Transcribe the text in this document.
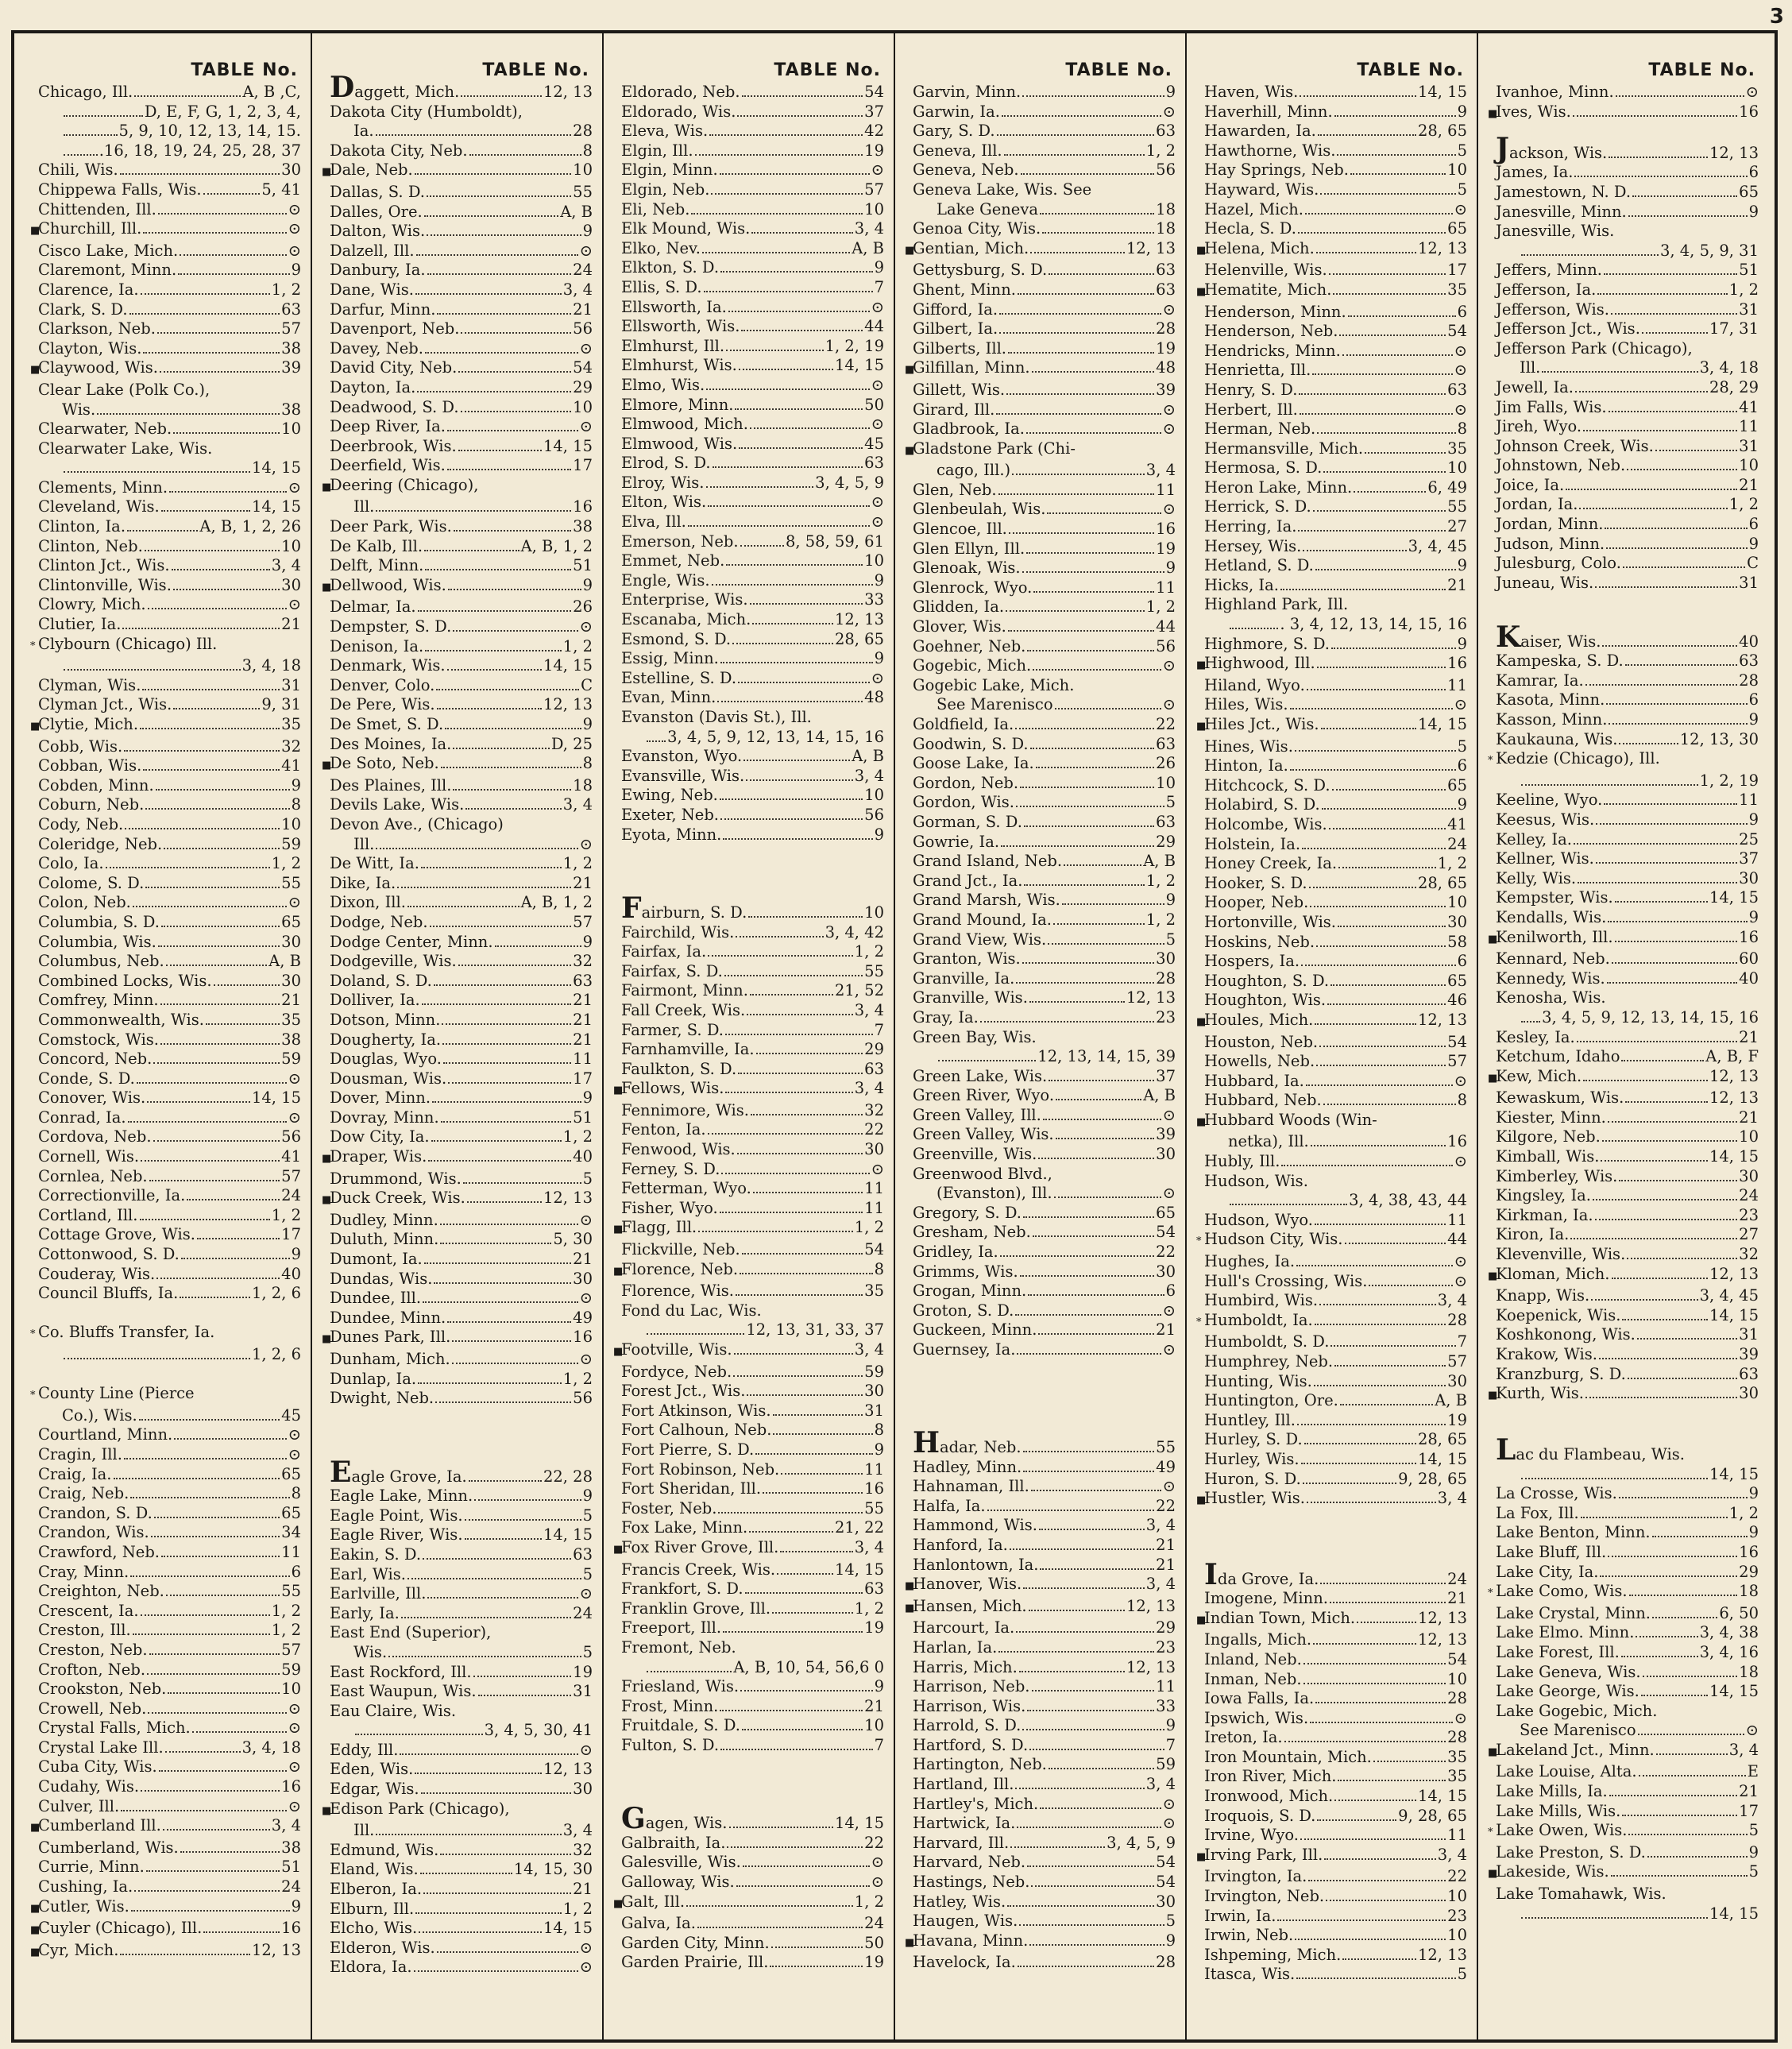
3
TABLE No.
Chicago, Ill.	A, B ,C,
D, E, F, G, 1, 2, 3, 4,
5, 9, 10, 12, 13, 14, 15.
.16, 18, 19, 24, 25, 28, 37
Chili, Wis.	30
Chippewa Falls, Wis.	5, 41
Chittenden, Ill.	⊙
■
Churchill, Ill.	⊙
Cisco Lake, Mich.	⊙
Claremont, Minn.	9
Clarence, Ia.	1, 2
Clark, S. D.	63
Clarkson, Neb.	57
Clayton, Wis.	38
■
Claywood, Wis.	39
Clear Lake (Polk Co.),
Wis.	38
Clearwater, Neb.	10
Clearwater Lake, Wis.
14, 15
Clements, Minn.	⊙
Cleveland, Wis.	14, 15
Clinton, Ia.	A, B, 1, 2, 26
Clinton, Neb.	10
Clinton Jct., Wis.	3, 4
Clintonville, Wis.	30
Clowry, Mich.	⊙
Clutier, Ia.	21
* Clybourn (Chicago) Ill.
3, 4, 18
Clyman, Wis.	31
Clyman Jct., Wis.	9, 31
■
Clytie, Mich.	35
Cobb, Wis.	32
Cobban, Wis.	41
Cobden, Minn.	9
Coburn, Neb.	8
Cody, Neb.	10
Coleridge, Neb.	59
Colo, Ia.	1, 2
Colome, S. D.	55
Colon, Neb.	⊙
Columbia, S. D.	65
Columbia, Wis.	30
Columbus, Neb.	A, B
Combined Locks, Wis.	30
Comfrey, Minn.	21
Commonwealth, Wis.	35
Comstock, Wis.	38
Concord, Neb.	59
Conde, S. D.	⊙
Conover, Wis.	14, 15
Conrad, Ia.	⊙
Cordova, Neb.	56
Cornell, Wis.	41
Cornlea, Neb.	57
Correctionville, Ia.	24
Cortland, Ill.	1, 2
Cottage Grove, Wis.	17
Cottonwood, S. D.	9
Couderay, Wis.	40
Council Bluffs, Ia.	1, 2, 6
* Co. Bluffs Transfer, Ia.
1, 2, 6
* County Line (Pierce
Co.), Wis.	45
Courtland, Minn.	⊙
Cragin, Ill.	⊙
Craig, Ia.	65
Craig, Neb.	8
Crandon, S. D.	65
Crandon, Wis.	34
Crawford, Neb.	11
Cray, Minn.	6
Creighton, Neb.	55
Crescent, Ia.	1, 2
Creston, Ill.	1, 2
Creston, Neb.	57
Crofton, Neb.	59
Crookston, Neb.	10
Crowell, Neb.	⊙
Crystal Falls, Mich.	⊙
Crystal Lake Ill.	3, 4, 18
Cuba City, Wis.	⊙
Cudahy, Wis.	16
Culver, Ill.	⊙
■
Cumberland Ill.	3, 4
Cumberland, Wis.	38
Currie, Minn.	51
Cushing, Ia.	24
■
Cutler, Wis.	9
■
Cuyler (Chicago), Ill.	16
■
Cyr, Mich.	12, 13
TABLE No.
Daggett, Mich.	12, 13
Dakota City (Humboldt),
Ia.	28
Dakota City, Neb.	8
■
Dale, Neb.	10
Dallas, S. D.	55
Dalles, Ore.	A, B
Dalton, Wis.	9
Dalzell, Ill.	⊙
Danbury, Ia.	24
Dane, Wis.	3, 4
Darfur, Minn.	21
Davenport, Neb.	56
Davey, Neb.	⊙
David City, Neb.	54
Dayton, Ia.	29
Deadwood, S. D.	10
Deep River, Ia.	⊙
Deerbrook, Wis.	14, 15
Deerfield, Wis.	17
■
Deering (Chicago),
Ill.	16
Deer Park, Wis.	38
De Kalb, Ill.	A, B, 1, 2
Delft, Minn.	51
■
Dellwood, Wis.	9
Delmar, Ia.	26
Dempster, S. D.	⊙
Denison, Ia.	1, 2
Denmark, Wis.	14, 15
Denver, Colo.	C
De Pere, Wis.	12, 13
De Smet, S. D.	9
Des Moines, Ia.	D, 25
■
De Soto, Neb.	8
Des Plaines, Ill.	18
Devils Lake, Wis.	3, 4
Devon Ave., (Chicago)
Ill.	⊙
De Witt, Ia.	1, 2
Dike, Ia.	21
Dixon, Ill.	A, B, 1, 2
Dodge, Neb.	57
Dodge Center, Minn.	9
Dodgeville, Wis.	32
Doland, S. D.	63
Dolliver, Ia.	21
Dotson, Minn.	21
Dougherty, Ia.	21
Douglas, Wyo.	11
Dousman, Wis.	17
Dover, Minn.	9
Dovray, Minn.	51
Dow City, Ia.	1, 2
■
Draper, Wis.	40
Drummond, Wis.	5
■
Duck Creek, Wis.	12, 13
Dudley, Minn.	⊙
Duluth, Minn.	5, 30
Dumont, Ia.	21
Dundas, Wis.	30
Dundee, Ill.	⊙
Dundee, Minn.	49
■
Dunes Park, Ill.	16
Dunham, Mich.	⊙
Dunlap, Ia.	1, 2
Dwight, Neb.	56
Eagle Grove, Ia.	22, 28
Eagle Lake, Minn.	9
Eagle Point, Wis.	5
Eagle River, Wis.	14, 15
Eakin, S. D.	63
Earl, Wis.	5
Earlville, Ill.	⊙
Early, Ia.	24
East End (Superior),
Wis.	5
East Rockford, Ill.	19
East Waupun, Wis.	31
Eau Claire, Wis.
3, 4, 5, 30, 41
Eddy, Ill.	⊙
Eden, Wis.	12, 13
Edgar, Wis.	30
■
Edison Park (Chicago),
Ill.	3, 4
Edmund, Wis.	32
Eland, Wis.	14, 15, 30
Elberon, Ia.	21
Elburn, Ill.	1, 2
Elcho, Wis.	14, 15
Elderon, Wis.	⊙
Eldora, Ia.	⊙
TABLE No.
Eldorado, Neb.	54
Eldorado, Wis.	37
Eleva, Wis.	42
Elgin, Ill.	19
Elgin, Minn.	⊙
Elgin, Neb.	57
Eli, Neb.	10
Elk Mound, Wis.	3, 4
Elko, Nev.	A, B
Elkton, S. D.	9
Ellis, S. D.	7
Ellsworth, Ia.	⊙
Ellsworth, Wis.	44
Elmhurst, Ill.	1, 2, 19
Elmhurst, Wis.	14, 15
Elmo, Wis.	⊙
Elmore, Minn.	50
Elmwood, Mich.	⊙
Elmwood, Wis.	45
Elrod, S. D.	63
Elroy, Wis.	3, 4, 5, 9
Elton, Wis.	⊙
Elva, Ill.	⊙
Emerson, Neb.	8, 58, 59, 61
Emmet, Neb.	10
Engle, Wis.	9
Enterprise, Wis.	33
Escanaba, Mich.	12, 13
Esmond, S. D.	28, 65
Essig, Minn.	9
Estelline, S. D.	⊙
Evan, Minn.	48
Evanston (Davis St.), Ill.
3, 4, 5, 9, 12, 13, 14, 15, 16
Evanston, Wyo.	A, B
Evansville, Wis.	3, 4
Ewing, Neb.	10
Exeter, Neb.	56
Eyota, Minn.	9
Fairburn, S. D.	10
Fairchild, Wis.	3, 4, 42
Fairfax, Ia.	1, 2
Fairfax, S. D.	55
Fairmont, Minn.	21, 52
Fall Creek, Wis.	3, 4
Farmer, S. D.	7
Farnhamville, Ia.	29
Faulkton, S. D.	63
■
Fellows, Wis.	3, 4
Fennimore, Wis.	32
Fenton, Ia.	22
Fenwood, Wis.	30
Ferney, S. D.	⊙
Fetterman, Wyo.	11
Fisher, Wyo.	11
■
Flagg, Ill.	1, 2
Flickville, Neb.	54
■
Florence, Neb.	8
Florence, Wis.	35
Fond du Lac, Wis.
12, 13, 31, 33, 37
■
Footville, Wis.	3, 4
Fordyce, Neb.	59
Forest Jct., Wis.	30
Fort Atkinson, Wis.	31
Fort Calhoun, Neb.	8
Fort Pierre, S. D.	9
Fort Robinson, Neb.	11
Fort Sheridan, Ill.	16
Foster, Neb.	55
Fox Lake, Minn.	21, 22
■
Fox River Grove, Ill.	3, 4
Francis Creek, Wis.	14, 15
Frankfort, S. D.	63
Franklin Grove, Ill.	1, 2
Freeport, Ill.	19
Fremont, Neb.
A, B, 10, 54, 56,6 0
Friesland, Wis.	9
Frost, Minn.	21
Fruitdale, S. D.	10
Fulton, S. D.	7
Gagen, Wis.	14, 15
Galbraith, Ia.	22
Galesville, Wis.	⊙
Galloway, Wis.	⊙
■
Galt, Ill.	1, 2
Galva, Ia.	24
Garden City, Minn.	50
Garden Prairie, Ill.	19
TABLE No.
Garvin, Minn.	9
Garwin, Ia.	⊙
Gary, S. D.	63
Geneva, Ill.	1, 2
Geneva, Neb.	56
Geneva Lake, Wis. See
Lake Geneva	18
Genoa City, Wis.	18
■
Gentian, Mich.	12, 13
Gettysburg, S. D.	63
Ghent, Minn.	63
Gifford, Ia.	⊙
Gilbert, Ia.	28
Gilberts, Ill.	19
■
Gilfillan, Minn.	48
Gillett, Wis.	39
Girard, Ill.	⊙
Gladbrook, Ia.	⊙
■
Gladstone Park (Chi-
cago, Ill.)	3, 4
Glen, Neb.	11
Glenbeulah, Wis.	⊙
Glencoe, Ill.	16
Glen Ellyn, Ill.	19
Glenoak, Wis.	9
Glenrock, Wyo.	11
Glidden, Ia.	1, 2
Glover, Wis.	44
Goehner, Neb.	56
Gogebic, Mich.	⊙
Gogebic Lake, Mich.
See Marenisco	⊙
Goldfield, Ia.	22
Goodwin, S. D.	63
Goose Lake, Ia.	26
Gordon, Neb.	10
Gordon, Wis.	5
Gorman, S. D.	63
Gowrie, Ia.	29
Grand Island, Neb.	A, B
Grand Jct., Ia.	1, 2
Grand Marsh, Wis.	9
Grand Mound, Ia.	1, 2
Grand View, Wis.	5
Granton, Wis.	30
Granville, Ia.	28
Granville, Wis.	12, 13
Gray, Ia.	23
Green Bay, Wis.
12, 13, 14, 15, 39
Green Lake, Wis.	37
Green River, Wyo.	A, B
Green Valley, Ill.	⊙
Green Valley, Wis.	39
Greenville, Wis.	30
Greenwood Blvd.,
(Evanston), Ill.	⊙
Gregory, S. D.	65
Gresham, Neb.	54
Gridley, Ia.	22
Grimms, Wis.	30
Grogan, Minn.	6
Groton, S. D.	⊙
Guckeen, Minn.	21
Guernsey, Ia.	⊙
Hadar, Neb.	55
Hadley, Minn.	49
Hahnaman, Ill.	⊙
Halfa, Ia.	22
Hammond, Wis.	3, 4
Hanford, Ia.	21
Hanlontown, Ia.	21
■
Hanover, Wis.	3, 4
■
Hansen, Mich.	12, 13
Harcourt, Ia.	29
Harlan, Ia.	23
Harris, Mich.	12, 13
Harrison, Neb.	11
Harrison, Wis.	33
Harrold, S. D.	9
Hartford, S. D.	7
Hartington, Neb.	59
Hartland, Ill.	3, 4
Hartley's, Mich.	⊙
Hartwick, Ia.	⊙
Harvard, Ill.	3, 4, 5, 9
Harvard, Neb.	54
Hastings, Neb.	54
Hatley, Wis.	30
Haugen, Wis.	5
■
Havana, Minn.	9
Havelock, Ia.	28
TABLE No.
Haven, Wis.	14, 15
Haverhill, Minn.	9
Hawarden, Ia.	28, 65
Hawthorne, Wis.	5
Hay Springs, Neb.	10
Hayward, Wis.	5
Hazel, Mich.	⊙
Hecla, S. D.	65
■
Helena, Mich.	12, 13
Helenville, Wis.	17
■
Hematite, Mich.	35
Henderson, Minn.	6
Henderson, Neb.	54
Hendricks, Minn.	⊙
Henrietta, Ill.	⊙
Henry, S. D.	63
Herbert, Ill.	⊙
Herman, Neb.	8
Hermansville, Mich.	35
Hermosa, S. D.	10
Heron Lake, Minn.	6, 49
Herrick, S. D.	55
Herring, Ia.	27
Hersey, Wis.	3, 4, 45
Hetland, S. D.	9
Hicks, Ia.	21
Highland Park, Ill.
. 3, 4, 12, 13, 14, 15, 16
Highmore, S. D.	9
■
Highwood, Ill.	16
Hiland, Wyo.	11
Hiles, Wis.	⊙
■
Hiles Jct., Wis.	14, 15
Hines, Wis.	5
Hinton, Ia.	6
Hitchcock, S. D.	65
Holabird, S. D.	9
Holcombe, Wis.	41
Holstein, Ia.	24
Honey Creek, Ia.	1, 2
Hooker, S. D.	28, 65
Hooper, Neb.	10
Hortonville, Wis.	30
Hoskins, Neb.	58
Hospers, Ia.	6
Houghton, S. D.	65
Houghton, Wis.	46
■
Houles, Mich.	12, 13
Houston, Neb.	54
Howells, Neb.	57
Hubbard, Ia.	⊙
Hubbard, Neb.	8
■
Hubbard Woods (Win-
netka), Ill.	16
Hubly, Ill.	⊙
Hudson, Wis.
3, 4, 38, 43, 44
Hudson, Wyo.	11
* Hudson City, Wis.	44
Hughes, Ia.	⊙
Hull's Crossing, Wis.	⊙
Humbird, Wis.	3, 4
* Humboldt, Ia.	28
Humboldt, S. D.	7
Humphrey, Neb.	57
Hunting, Wis.	30
Huntington, Ore.	A, B
Huntley, Ill.	19
Hurley, S. D.	28, 65
Hurley, Wis.	14, 15
Huron, S. D.	9, 28, 65
■
Hustler, Wis.	3, 4
Ida Grove, Ia.	24
Imogene, Minn.	21
■
Indian Town, Mich.	12, 13
Ingalls, Mich.	12, 13
Inland, Neb.	54
Inman, Neb.	10
Iowa Falls, Ia.	28
Ipswich, Wis.	⊙
Ireton, Ia.	28
Iron Mountain, Mich.	35
Iron River, Mich.	35
Ironwood, Mich.	14, 15
Iroquois, S. D.	9, 28, 65
Irvine, Wyo.	11
■
Irving Park, Ill.	3, 4
Irvington, Ia.	22
Irvington, Neb.	10
Irwin, Ia.	23
Irwin, Neb.	10
Ishpeming, Mich.	12, 13
Itasca, Wis.	5
TABLE No.
Ivanhoe, Minn.	⊙
■
Ives, Wis.	16
Jackson, Wis.	12, 13
James, Ia.	6
Jamestown, N. D.	65
Janesville, Minn.	9
Janesville, Wis.
3, 4, 5, 9, 31
Jeffers, Minn.	51
Jefferson, Ia.	1, 2
Jefferson, Wis.	31
Jefferson Jct., Wis.	17, 31
Jefferson Park (Chicago),
Ill.	3, 4, 18
Jewell, Ia.	28, 29
Jim Falls, Wis.	41
Jireh, Wyo.	11
Johnson Creek, Wis.	31
Johnstown, Neb.	10
Joice, Ia.	21
Jordan, Ia.	1, 2
Jordan, Minn.	6
Judson, Minn.	9
Julesburg, Colo.	C
Juneau, Wis.	31
Kaiser, Wis.	40
Kampeska, S. D.	63
Kamrar, Ia.	28
Kasota, Minn.	6
Kasson, Minn.	9
Kaukauna, Wis.	12, 13, 30
* Kedzie (Chicago), Ill.
1, 2, 19
Keeline, Wyo.	11
Keesus, Wis.	9
Kelley, Ia.	25
Kellner, Wis.	37
Kelly, Wis.	30
Kempster, Wis.	14, 15
Kendalls, Wis.	9
■
Kenilworth, Ill.	16
Kennard, Neb.	60
Kennedy, Wis.	40
Kenosha, Wis.
3, 4, 5, 9, 12, 13, 14, 15, 16
Kesley, Ia.	21
Ketchum, Idaho	A, B, F
■
Kew, Mich.	12, 13
Kewaskum, Wis.	12, 13
Kiester, Minn.	21
Kilgore, Neb.	10
Kimball, Wis.	14, 15
Kimberley, Wis.	30
Kingsley, Ia.	24
Kirkman, Ia.	23
Kiron, Ia.	27
Klevenville, Wis.	32
■
Kloman, Mich.	12, 13
Knapp, Wis.	3, 4, 45
Koepenick, Wis.	14, 15
Koshkonong, Wis.	31
Krakow, Wis.	39
Kranzburg, S. D.	63
■
Kurth, Wis.	30
Lac du Flambeau, Wis.
14, 15
La Crosse, Wis.	9
La Fox, Ill.	1, 2
Lake Benton, Minn.	9
Lake Bluff, Ill.	16
Lake City, Ia.	29
* Lake Como, Wis.	18
Lake Crystal, Minn.	6, 50
Lake Elmo. Minn.	3, 4, 38
Lake Forest, Ill.	3, 4, 16
Lake Geneva, Wis.	18
Lake George, Wis.	14, 15
Lake Gogebic, Mich.
See Marenisco	⊙
■
Lakeland Jct., Minn.	3, 4
Lake Louise, Alta.	E
Lake Mills, Ia.	21
Lake Mills, Wis.	17
* Lake Owen, Wis.	5
Lake Preston, S. D.	9
■
Lakeside, Wis.	5
Lake Tomahawk, Wis.
14, 15
